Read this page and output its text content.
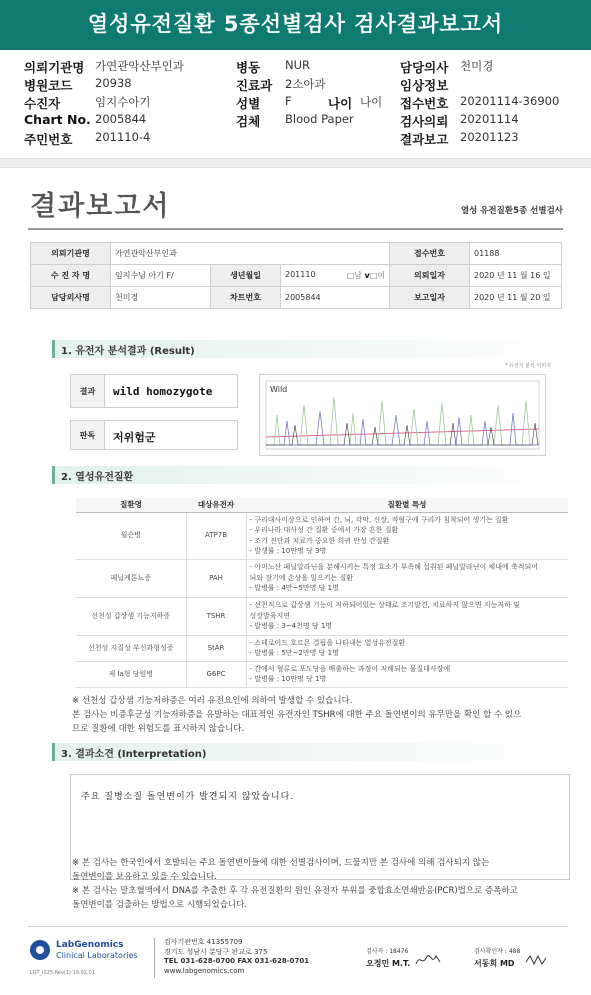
열성유전질환 5종선별검사 검사결과보고서
의뢰기관명 가연관악산부인과	병동 NUR	담당의사 천미경
병원코드 20938	진료과 2소아과	임상정보
수진자	임지수아기	성별 F	나이 나이 접수번호 20201114-36900
Chart No. 2005844	검체 Blood Paper	검사의뢰 20201114
주민번호 201110-4	결과보고 20201123
결과보고서	열성 유전질환5종 선별검사
의뢰기관명	가연관악산부인과			접수번호	01188
수 진 자 명	임지수님 아기 F/	생년월일	201110 □남 v□여	의뢰일자	2020 년 11 월 16 일
담당의사명	천미경	차트번호	2005844	보고일자	2020 년 11 월 20 일
1. 유전자 분석결과 (Result)
* 유전자 분석 이미지
결과	wild homozygote
판독	저위험군
Wild
2. 열성유전질환
질환명	대상유전자	질환별 특성
윌슨병	ATP7B	- 구리대사이상으로 인하여 간, 뇌, 각막, 신장, 적혈구에 구리가 침착되어 생기는 질환
- 우리나라 대사성 간 질환 중에서 가장 흔한 질환
- 조기 진단과 치료가 중요한 희귀 만성 간질환
- 발생률 : 10만명 당 3명

페닐케톤뇨증	PAH	- 아미노산 페닐알라닌을 분해시키는 특정 효소가 부족해 섭취된 페닐알라닌이 체내에 축적되어
뇌와 장기에 손상을 일으키는 질환
- 발병률 : 4만~5만명 당 1명

선천성 갑상샘 기능저하증	TSHR	- 선천적으로 갑상샘 기능이 저하되어있는 상태로 조기발견, 치료하지 않으면 지능저하 및
성장발육지연
- 발병률 : 3~4천명 당 1명

선천성 지질성 부신과형성증	StAR	- 스테로이드 호르몬 결핍을 나타내는 열성유전질환
- 발병률 : 5만~2만명 당 1명

제 Ia형 당원병	G6PC	- 간에서 혈류로 포도당을 배출하는 과정이 저해되는 물질대사장애
- 발병률 : 10만명 당 1명
※ 선천성 갑상샘 기능저하증은 여러 유전요인에 의하여 발생할 수 있습니다.
본 검사는 비증후군성 기능저하증을 유발하는 대표적인 유전자인 TSHR에 대한 주요 돌연변이의 유무만을 확인 할 수 있으
므로 질환에 대한 위험도를 표시하지 않습니다.
3. 결과소견 (Interpretation)
주요 질병소질 돌연변이가 발견되지 않았습니다.
※ 본 검사는 한국인에서 호발되는 주요 돌연변이들에 대한 선별검사이며, 드물지만 본 검사에 의해 검사되지 않는
돌연변이를 보유하고 있을 수 있습니다.
※ 본 검사는 말초혈액에서 DNA를 추출한 후 각 유전질환의 원인 유전자 부위를 중합효소연쇄반응(PCR)법으로 증폭하고
돌연변이를 검출하는 방법으로 시행되었습니다.
LabGenomics
Clinical Laboratories
LGT_I025 Rev(1) 19.02.01
검사기관번호 41355709
경기도 성남시 분당구 판교로 375
TEL 031-628-0700 FAX 031-628-0701
www.labgenomics.com
검사자 : 18476
오정민 M.T.
검사확인자 : 488
서동희 MD
